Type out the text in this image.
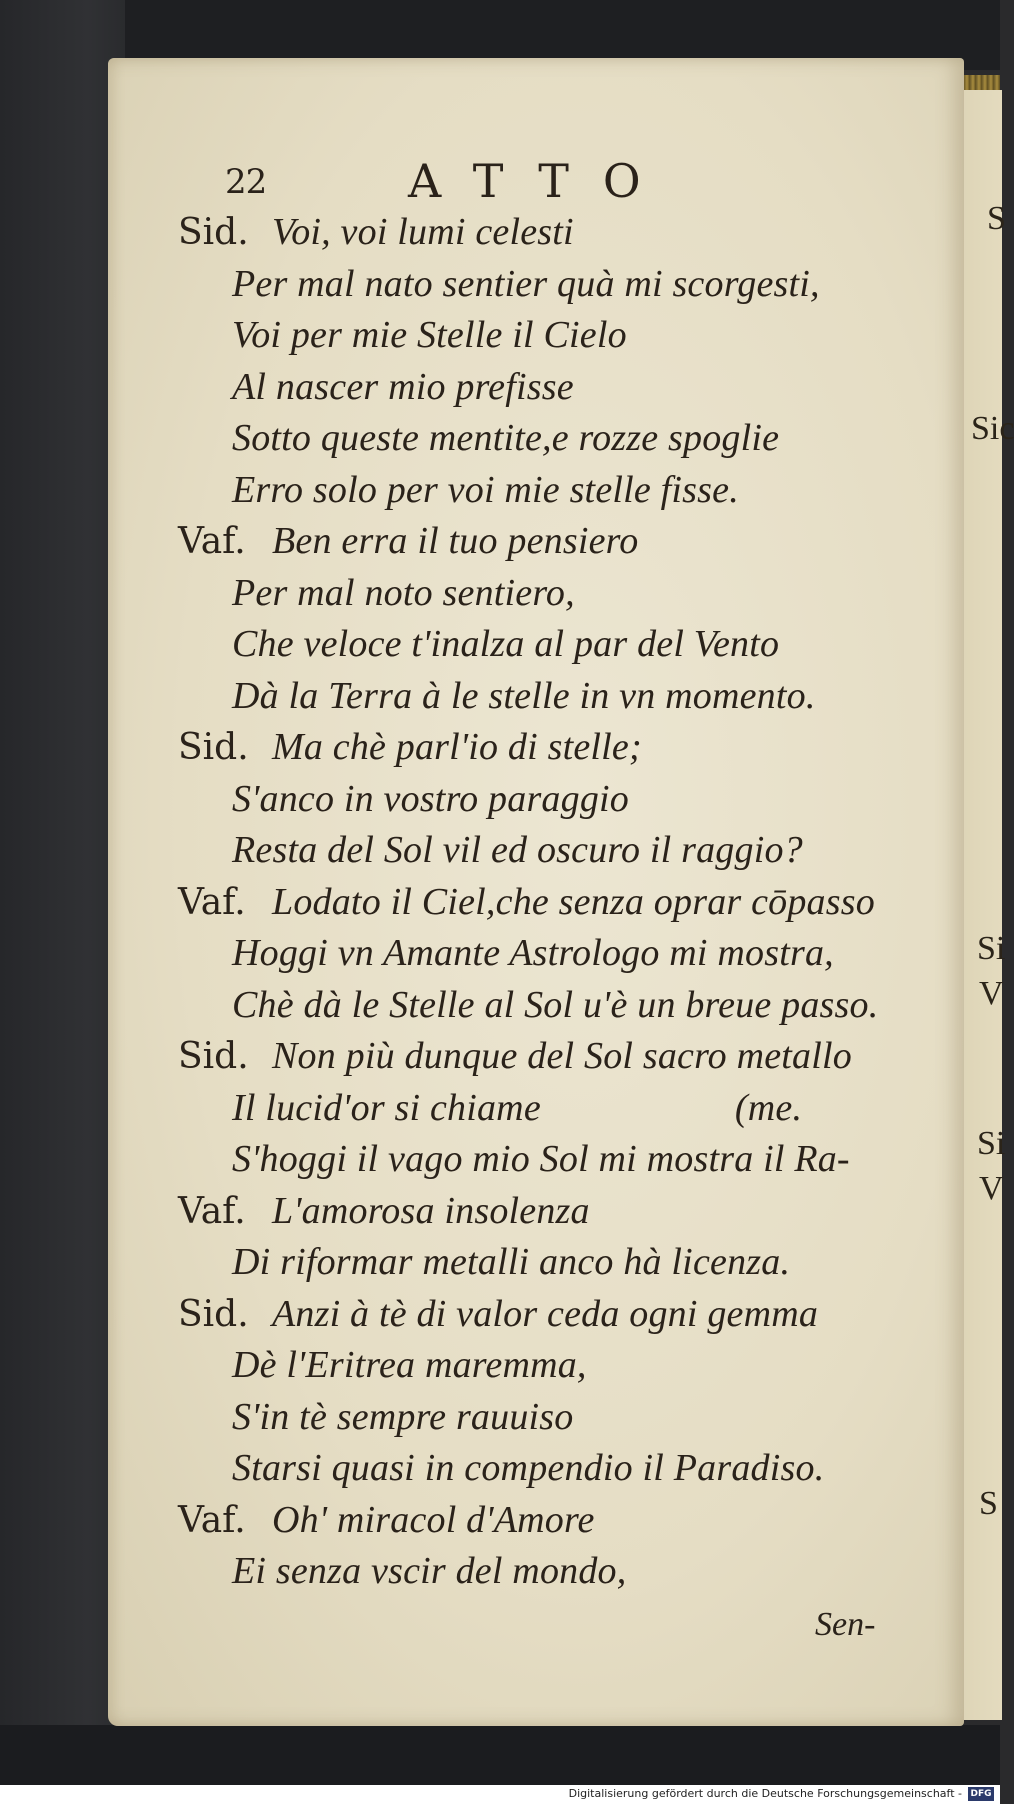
S
Sic
Si
V
Si
V
S
22	ATTO
Sid. Voi, voi lumi celesti
Per mal nato sentier quà mi scorgesti,
Voi per mie Stelle il Cielo
Al nascer mio prefisse
Sotto queste mentite,e rozze spoglie
Erro solo per voi mie stelle fisse.
Vaf. Ben erra il tuo pensiero
Per mal noto sentiero,
Che veloce t'inalza al par del Vento
Dà la Terra à le stelle in vn momento.
Sid. Ma chè parl'io di stelle;
S'anco in vostro paraggio
Resta del Sol vil ed oscuro il raggio?
Vaf. Lodato il Ciel,che senza oprar cōpasso
Hoggi vn Amante Astrologo mi mostra,
Chè dà le Stelle al Sol u'è un breue passo.
Sid. Non più dunque del Sol sacro metallo
Il lucid'or si chiame                    (me.
S'hoggi il vago mio Sol mi mostra il Ra-
Vaf. L'amorosa insolenza
Di riformar metalli anco hà licenza.
Sid. Anzi à tè di valor ceda ogni gemma
Dè l'Eritrea maremma,
S'in tè sempre rauuiso
Starsi quasi in compendio il Paradiso.
Vaf. Oh' miracol d'Amore
Ei senza vscir del mondo,
Sen-
Digitalisierung gefördert durch die Deutsche Forschungsgemeinschaft - DFG
